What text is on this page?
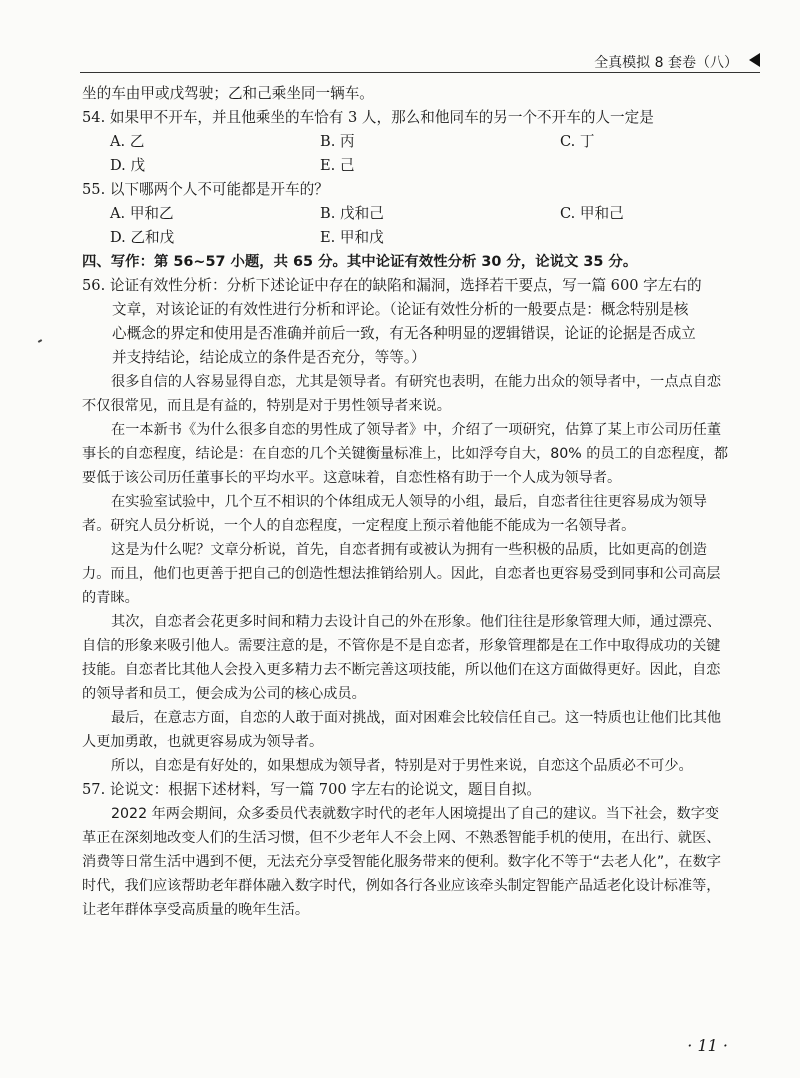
全真模拟 8 套卷（八）

坐的车由甲或戊驾驶；乙和己乘坐同一辆车。

54. 如果甲不开车，并且他乘坐的车恰有 3 人，那么和他同车的另一个不开车的人一定是

A. 乙	B. 丙	C. 丁
D. 戊	E. 己

55. 以下哪两个人不可能都是开车的？

A. 甲和乙	B. 戊和己	C. 甲和己
D. 乙和戊	E. 甲和戊

四、写作：第 56~57 小题，共 65 分。其中论证有效性分析 30 分，论说文 35 分。

56. 论证有效性分析：分析下述论证中存在的缺陷和漏洞，选择若干要点，写一篇 600 字左右的

文章，对该论证的有效性进行分析和评论。（论证有效性分析的一般要点是：概念特别是核

心概念的界定和使用是否准确并前后一致，有无各种明显的逻辑错误，论证的论据是否成立

并支持结论，结论成立的条件是否充分，等等。）

很多自信的人容易显得自恋，尤其是领导者。有研究也表明，在能力出众的领导者中，一点点自恋不仅很常见，而且是有益的，特别是对于男性领导者来说。

在一本新书《为什么很多自恋的男性成了领导者》中，介绍了一项研究，估算了某上市公司历任董事长的自恋程度，结论是：在自恋的几个关键衡量标准上，比如浮夸自大，80% 的员工的自恋程度，都要低于该公司历任董事长的平均水平。这意味着，自恋性格有助于一个人成为领导者。

在实验室试验中，几个互不相识的个体组成无人领导的小组，最后，自恋者往往更容易成为领导者。研究人员分析说，一个人的自恋程度，一定程度上预示着他能不能成为一名领导者。

这是为什么呢？文章分析说，首先，自恋者拥有或被认为拥有一些积极的品质，比如更高的创造力。而且，他们也更善于把自己的创造性想法推销给别人。因此，自恋者也更容易受到同事和公司高层的青睐。

其次，自恋者会花更多时间和精力去设计自己的外在形象。他们往往是形象管理大师，通过漂亮、自信的形象来吸引他人。需要注意的是，不管你是不是自恋者，形象管理都是在工作中取得成功的关键技能。自恋者比其他人会投入更多精力去不断完善这项技能，所以他们在这方面做得更好。因此，自恋的领导者和员工，便会成为公司的核心成员。

最后，在意志方面，自恋的人敢于面对挑战，面对困难会比较信任自己。这一特质也让他们比其他人更加勇敢，也就更容易成为领导者。

所以，自恋是有好处的，如果想成为领导者，特别是对于男性来说，自恋这个品质必不可少。

57. 论说文：根据下述材料，写一篇 700 字左右的论说文，题目自拟。

2022 年两会期间，众多委员代表就数字时代的老年人困境提出了自己的建议。当下社会，数字变革正在深刻地改变人们的生活习惯，但不少老年人不会上网、不熟悉智能手机的使用，在出行、就医、消费等日常生活中遇到不便，无法充分享受智能化服务带来的便利。数字化不等于“去老人化”，在数字时代，我们应该帮助老年群体融入数字时代，例如各行各业应该牵头制定智能产品适老化设计标准等，让老年群体享受高质量的晚年生活。

· 11 ·
